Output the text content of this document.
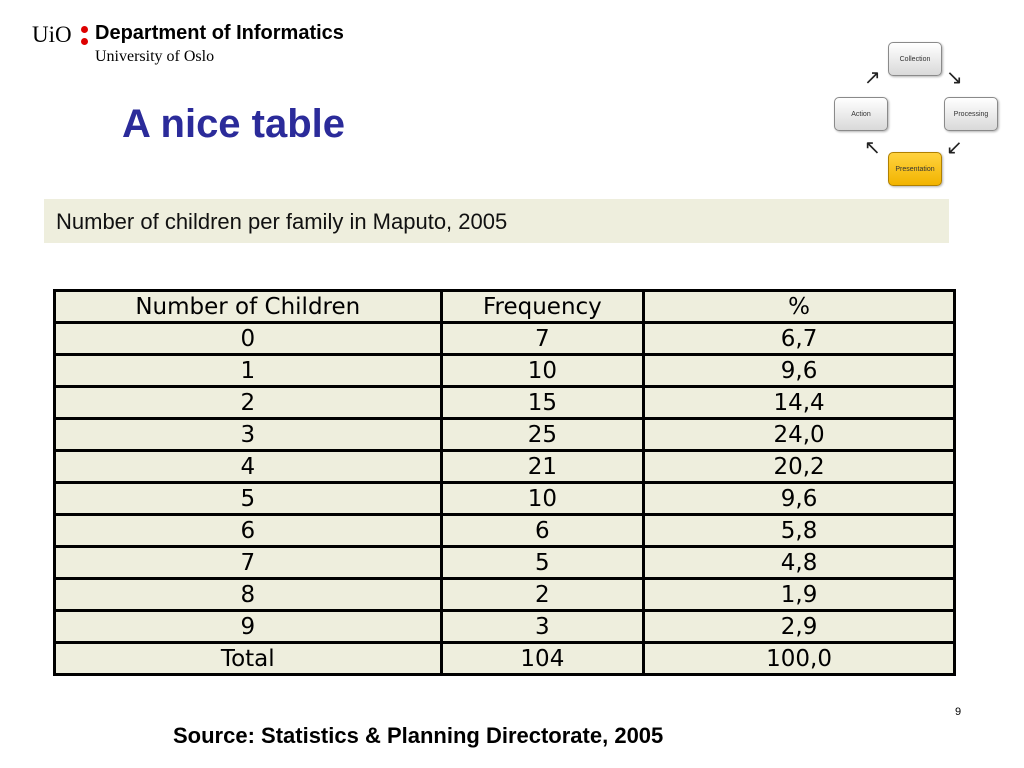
UiO Department of Informatics
University of Oslo
A nice table
Collection
Processing
Presentation
Action
↗	↘
↙
↖
Number of children per family in Maputo, 2005
Number of Children	Frequency	%
0	7	6,7
1	10	9,6
2	15	14,4
3	25	24,0
4	21	20,2
5	10	9,6
6	6	5,8
7	5	4,8
8	2	1,9
9	3	2,9
Total	104	100,0
9
Source: Statistics & Planning Directorate, 2005
